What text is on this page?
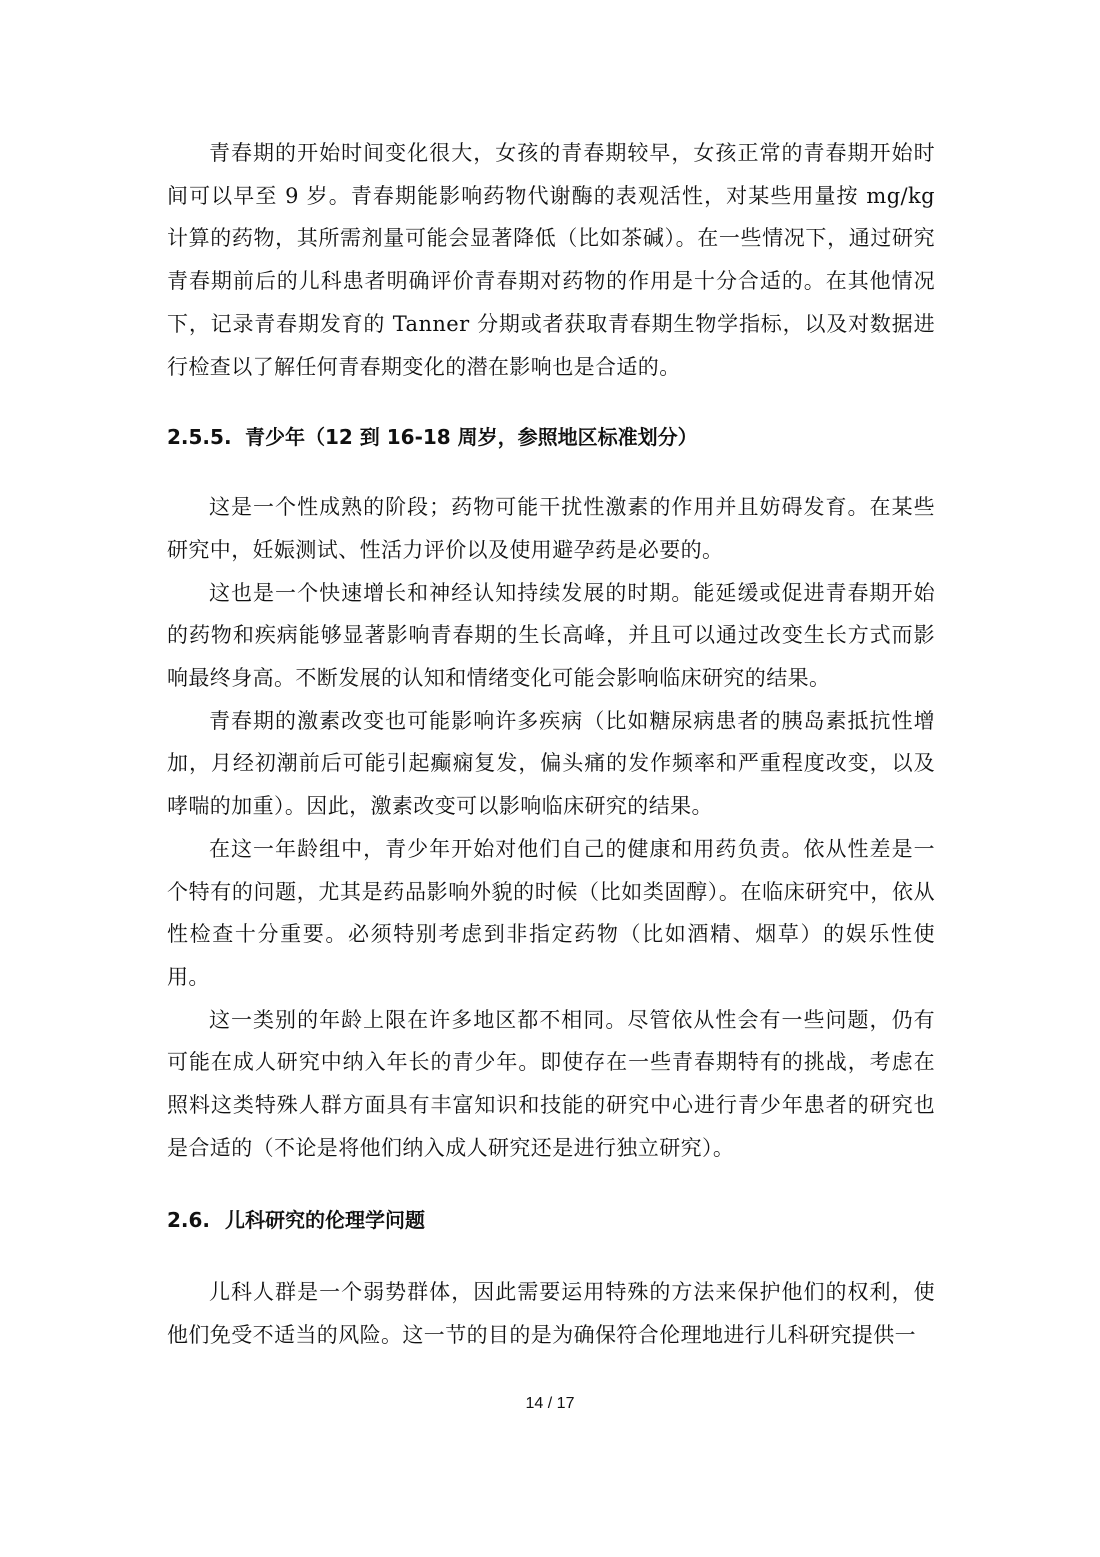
青春期的开始时间变化很大，女孩的青春期较早，女孩正常的青春期开始时间可以早至 9 岁。青春期能影响药物代谢酶的表观活性，对某些用量按 mg/kg 计算的药物，其所需剂量可能会显著降低（比如茶碱）。在一些情况下，通过研究青春期前后的儿科患者明确评价青春期对药物的作用是十分合适的。在其他情况下，记录青春期发育的 Tanner 分期或者获取青春期生物学指标，以及对数据进行检查以了解任何青春期变化的潜在影响也是合适的。

2.5.5. 青少年（12 到 16-18 周岁，参照地区标准划分）

这是一个性成熟的阶段；药物可能干扰性激素的作用并且妨碍发育。在某些研究中，妊娠测试、性活力评价以及使用避孕药是必要的。

这也是一个快速增长和神经认知持续发展的时期。能延缓或促进青春期开始的药物和疾病能够显著影响青春期的生长高峰，并且可以通过改变生长方式而影响最终身高。不断发展的认知和情绪变化可能会影响临床研究的结果。

青春期的激素改变也可能影响许多疾病（比如糖尿病患者的胰岛素抵抗性增加，月经初潮前后可能引起癫痫复发，偏头痛的发作频率和严重程度改变，以及哮喘的加重）。因此，激素改变可以影响临床研究的结果。

在这一年龄组中，青少年开始对他们自己的健康和用药负责。依从性差是一个特有的问题，尤其是药品影响外貌的时候（比如类固醇）。在临床研究中，依从性检查十分重要。必须特别考虑到非指定药物（比如酒精、烟草）的娱乐性使用。

这一类别的年龄上限在许多地区都不相同。尽管依从性会有一些问题，仍有可能在成人研究中纳入年长的青少年。即使存在一些青春期特有的挑战，考虑在照料这类特殊人群方面具有丰富知识和技能的研究中心进行青少年患者的研究也是合适的（不论是将他们纳入成人研究还是进行独立研究）。

2.6. 儿科研究的伦理学问题

儿科人群是一个弱势群体，因此需要运用特殊的方法来保护他们的权利，使他们免受不适当的风险。这一节的目的是为确保符合伦理地进行儿科研究提供一

14 / 17
